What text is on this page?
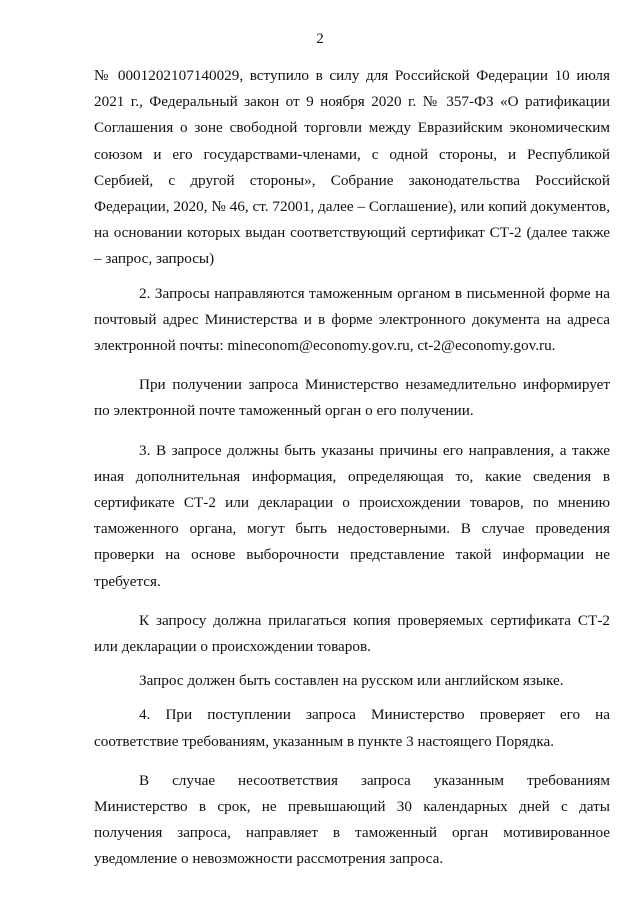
2

№ 0001202107140029, вступило в силу для Российской Федерации 10 июля 2021 г., Федеральный закон от 9 ноября 2020 г. № 357-ФЗ «О ратификации Соглашения о зоне свободной торговли между Евразийским экономическим союзом и его государствами-членами, с одной стороны, и Республикой Сербией, с другой стороны», Собрание законодательства Российской Федерации, 2020, № 46, ст. 72001, далее – Соглашение), или копий документов, на основании которых выдан соответствующий сертификат СТ-2 (далее также – запрос, запросы)

2. Запросы направляются таможенным органом в письменной форме на почтовый адрес Министерства и в форме электронного документа на адреса электронной почты: mineconom@economy.gov.ru, ct-2@economy.gov.ru.

При получении запроса Министерство незамедлительно информирует по электронной почте таможенный орган о его получении.

3. В запросе должны быть указаны причины его направления, а также иная дополнительная информация, определяющая то, какие сведения в сертификате СТ-2 или декларации о происхождении товаров, по мнению таможенного органа, могут быть недостоверными. В случае проведения проверки на основе выборочности представление такой информации не требуется.

К запросу должна прилагаться копия проверяемых сертификата СТ-2 или декларации о происхождении товаров.

Запрос должен быть составлен на русском или английском языке.

4. При поступлении запроса Министерство проверяет его на соответствие требованиям, указанным в пункте 3 настоящего Порядка.

В случае несоответствия запроса указанным требованиям Министерство в срок, не превышающий 30 календарных дней с даты получения запроса, направляет в таможенный орган мотивированное уведомление о невозможности рассмотрения запроса.
